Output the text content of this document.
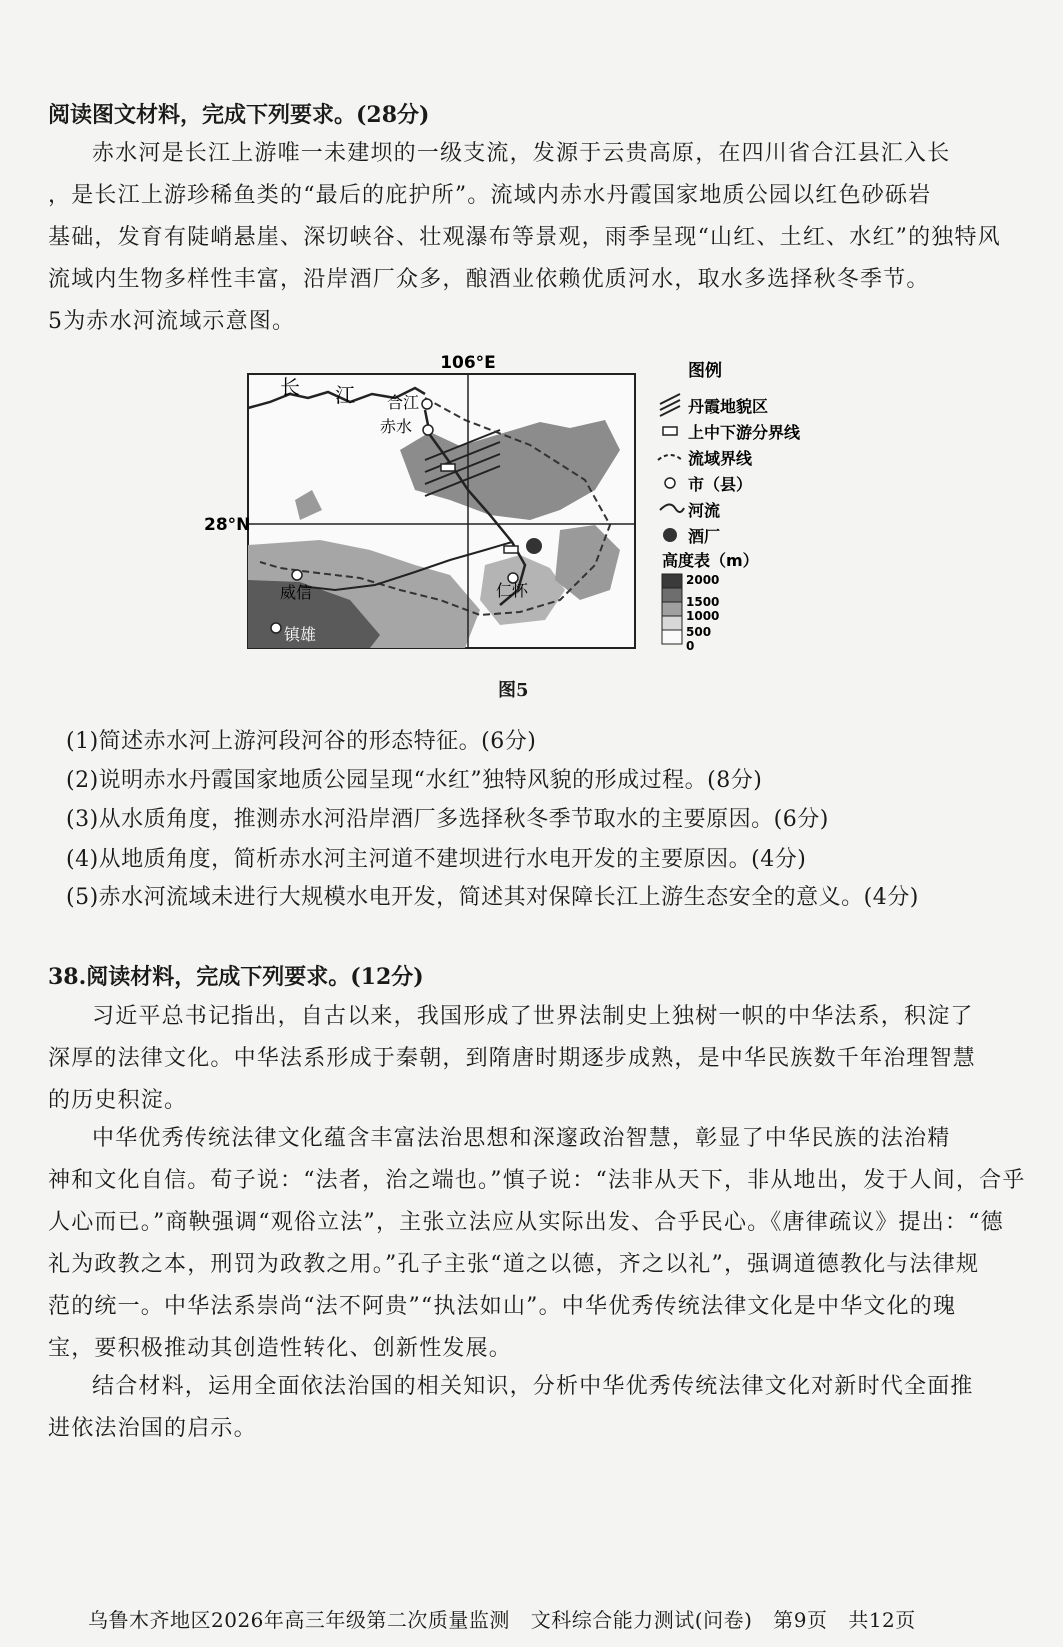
阅读图文材料，完成下列要求。(28分)

赤水河是长江上游唯一未建坝的一级支流，发源于云贵高原，在四川省合江县汇入长

，是长江上游珍稀鱼类的“最后的庇护所”。流域内赤水丹霞国家地质公园以红色砂砾岩

基础，发育有陡峭悬崖、深切峡谷、壮观瀑布等景观，雨季呈现“山红、土红、水红”的独特风

流域内生物多样性丰富，沿岸酒厂众多，酿酒业依赖优质河水，取水多选择秋冬季节。

5为赤水河流域示意图。

106°E
28°N
长 江 合江
赤水
威信	仁怀
镇雄
图例
丹霞地貌区
上中下游分界线
流域界线
市（县）
河流
酒厂
高度表（m）
2000
1500
1000
500
0
图5
(1)简述赤水河上游河段河谷的形态特征。(6分)
(2)说明赤水丹霞国家地质公园呈现“水红”独特风貌的形成过程。(8分)
(3)从水质角度，推测赤水河沿岸酒厂多选择秋冬季节取水的主要原因。(6分)
(4)从地质角度，简析赤水河主河道不建坝进行水电开发的主要原因。(4分)
(5)赤水河流域未进行大规模水电开发，简述其对保障长江上游生态安全的意义。(4分)
38.阅读材料，完成下列要求。(12分)

习近平总书记指出，自古以来，我国形成了世界法制史上独树一帜的中华法系，积淀了

深厚的法律文化。中华法系形成于秦朝，到隋唐时期逐步成熟，是中华民族数千年治理智慧

的历史积淀。

中华优秀传统法律文化蕴含丰富法治思想和深邃政治智慧，彰显了中华民族的法治精

神和文化自信。荀子说：“法者，治之端也。”慎子说：“法非从天下，非从地出，发于人间，合乎

人心而已。”商鞅强调“观俗立法”，主张立法应从实际出发、合乎民心。《唐律疏议》提出：“德

礼为政教之本，刑罚为政教之用。”孔子主张“道之以德，齐之以礼”，强调道德教化与法律规

范的统一。中华法系崇尚“法不阿贵”“执法如山”。中华优秀传统法律文化是中华文化的瑰

宝，要积极推动其创造性转化、创新性发展。

结合材料，运用全面依法治国的相关知识，分析中华优秀传统法律文化对新时代全面推

进依法治国的启示。

乌鲁木齐地区2026年高三年级第二次质量监测 文科综合能力测试(问卷) 第9页 共12页
